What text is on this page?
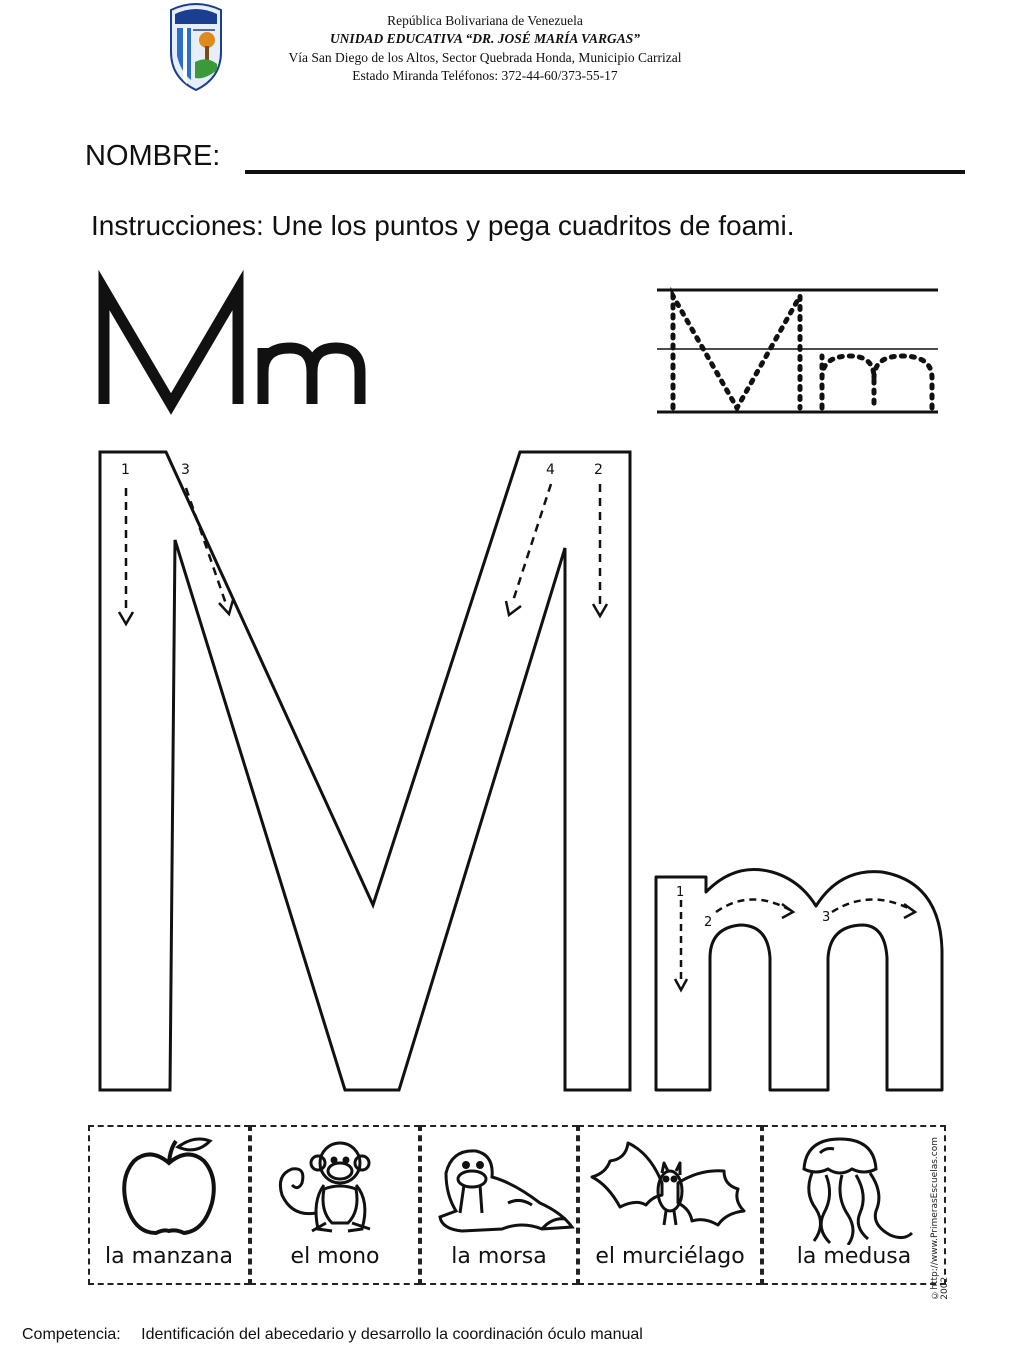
República Bolivariana de Venezuela
UNIDAD EDUCATIVA “DR. JOSÉ MARÍA VARGAS”
Vía San Diego de los Altos, Sector Quebrada Honda, Municipio Carrizal
Estado Miranda Teléfonos: 372-44-60/373-55-17
NOMBRE:
Instrucciones: Une los puntos y pega cuadritos de foami.
1	3	4	2
1
2	3
la manzana	el mono	la morsa	el murciélago	la medusa	©http://www.PrimerasEscuelas.com 2002
Competencia: Identificación del abecedario y desarrollo la coordinación óculo manual
